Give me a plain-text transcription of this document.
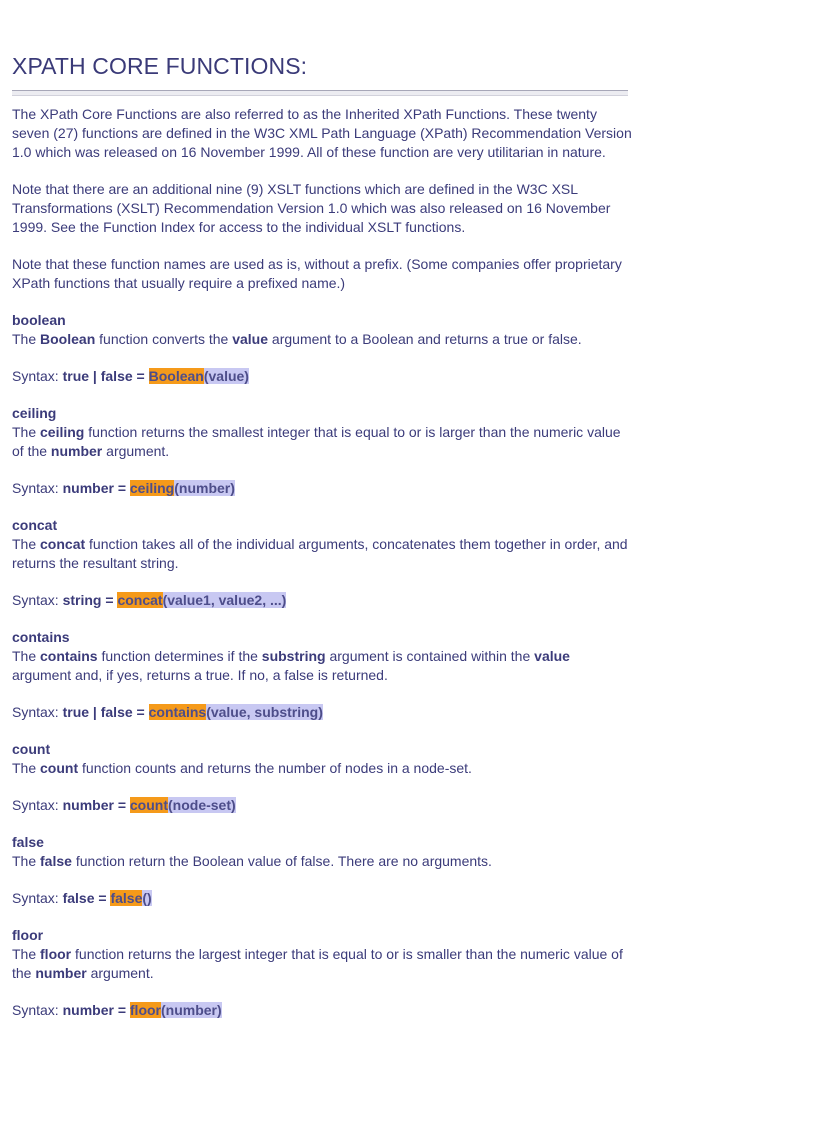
XPATH CORE FUNCTIONS:

The XPath Core Functions are also referred to as the Inherited XPath Functions. These twenty seven (27) functions are defined in the W3C XML Path Language (XPath) Recommendation Version 1.0 which was released on 16 November 1999. All of these function are very utilitarian in nature.

Note that there are an additional nine (9) XSLT functions which are defined in the W3C XSL Transformations (XSLT) Recommendation Version 1.0 which was also released on 16 November 1999. See the Function Index for access to the individual XSLT functions.

Note that these function names are used as is, without a prefix. (Some companies offer proprietary XPath functions that usually require a prefixed name.)

boolean

The Boolean function converts the value argument to a Boolean and returns a true or false.

Syntax: true | false = Boolean(value)

ceiling

The ceiling function returns the smallest integer that is equal to or is larger than the numeric value of the number argument.

Syntax: number = ceiling(number)

concat

The concat function takes all of the individual arguments, concatenates them together in order, and returns the resultant string.

Syntax: string = concat(value1, value2, ...)

contains

The contains function determines if the substring argument is contained within the value argument and, if yes, returns a true. If no, a false is returned.

Syntax: true | false = contains(value, substring)

count

The count function counts and returns the number of nodes in a node-set.

Syntax: number = count(node-set)

false

The false function return the Boolean value of false. There are no arguments.

Syntax: false = false()

floor

The floor function returns the largest integer that is equal to or is smaller than the numeric value of the number argument.

Syntax: number = floor(number)
